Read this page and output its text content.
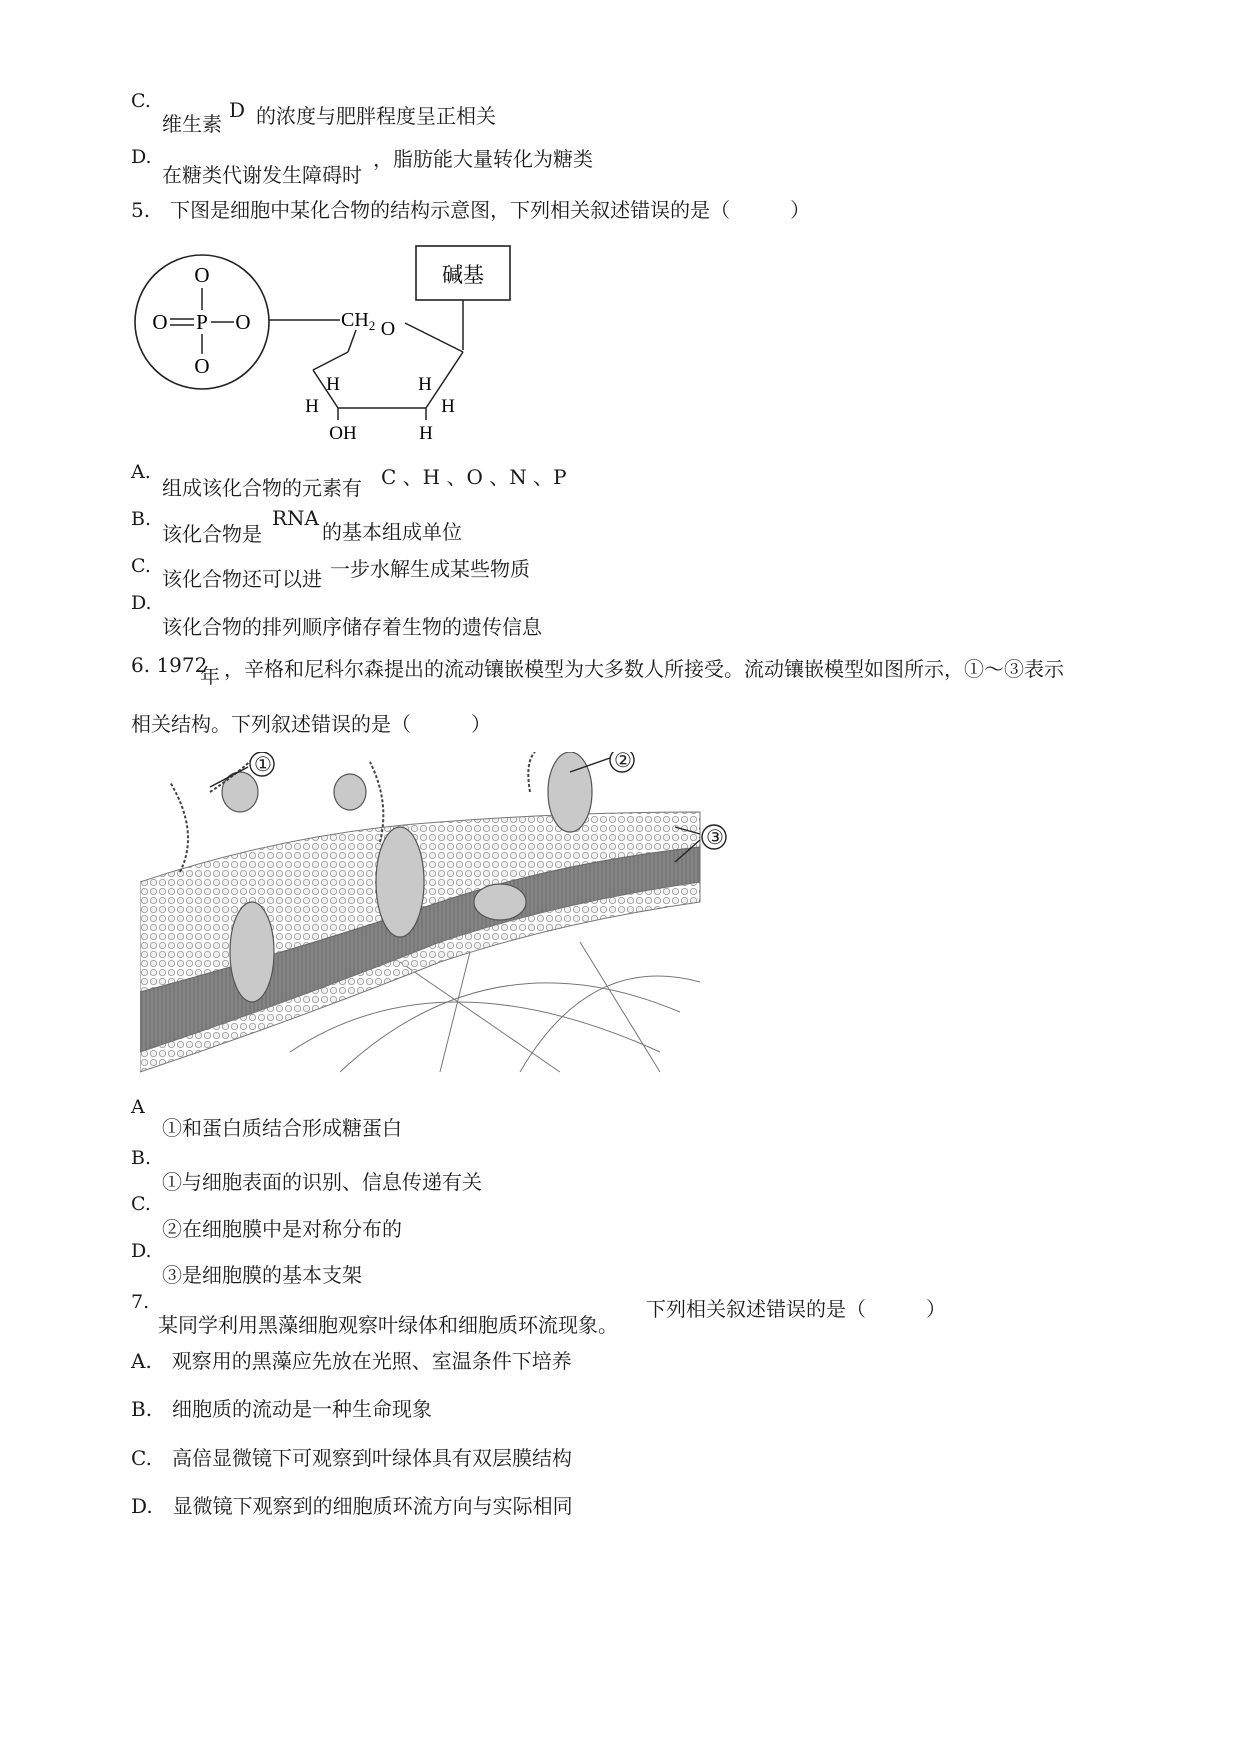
C.
维生素
D 的浓度与肥胖程度呈正相关
D.
在糖类代谢发生障碍时
，脂肪能大量转化为糖类
5.　下图是细胞中某化合物的结构示意图，下列相关叙述错误的是（　　　）
O
O P O
O
$CH_2$
碱基
O
H
H
OH
H
H
H
A.
组成该化合物的元素有 C 、H 、O 、N 、P
B.
该化合物是
RNA
的基本组成单位
C.
该化合物还可以进 一步水解生成某些物质
D.
该化合物的排列顺序储存着生物的遗传信息
6. 1972
年 ，辛格和尼科尔森提出的流动镶嵌模型为大多数人所接受。流动镶嵌模型如图所示，①～③表示
相关结构。下列叙述错误的是（　　　）
①	②
③
A
①和蛋白质结合形成糖蛋白
B.
①与细胞表面的识别、信息传递有关
C.
②在细胞膜中是对称分布的
D.
③是细胞膜的基本支架
7.
某同学利用黑藻细胞观察叶绿体和细胞质环流现象。
下列相关叙述错误的是（　　　）
A.　观察用的黑藻应先放在光照、室温条件下培养
B.　细胞质的流动是一种生命现象
C.　高倍显微镜下可观察到叶绿体具有双层膜结构
D.　显微镜下观察到的细胞质环流方向与实际相同
